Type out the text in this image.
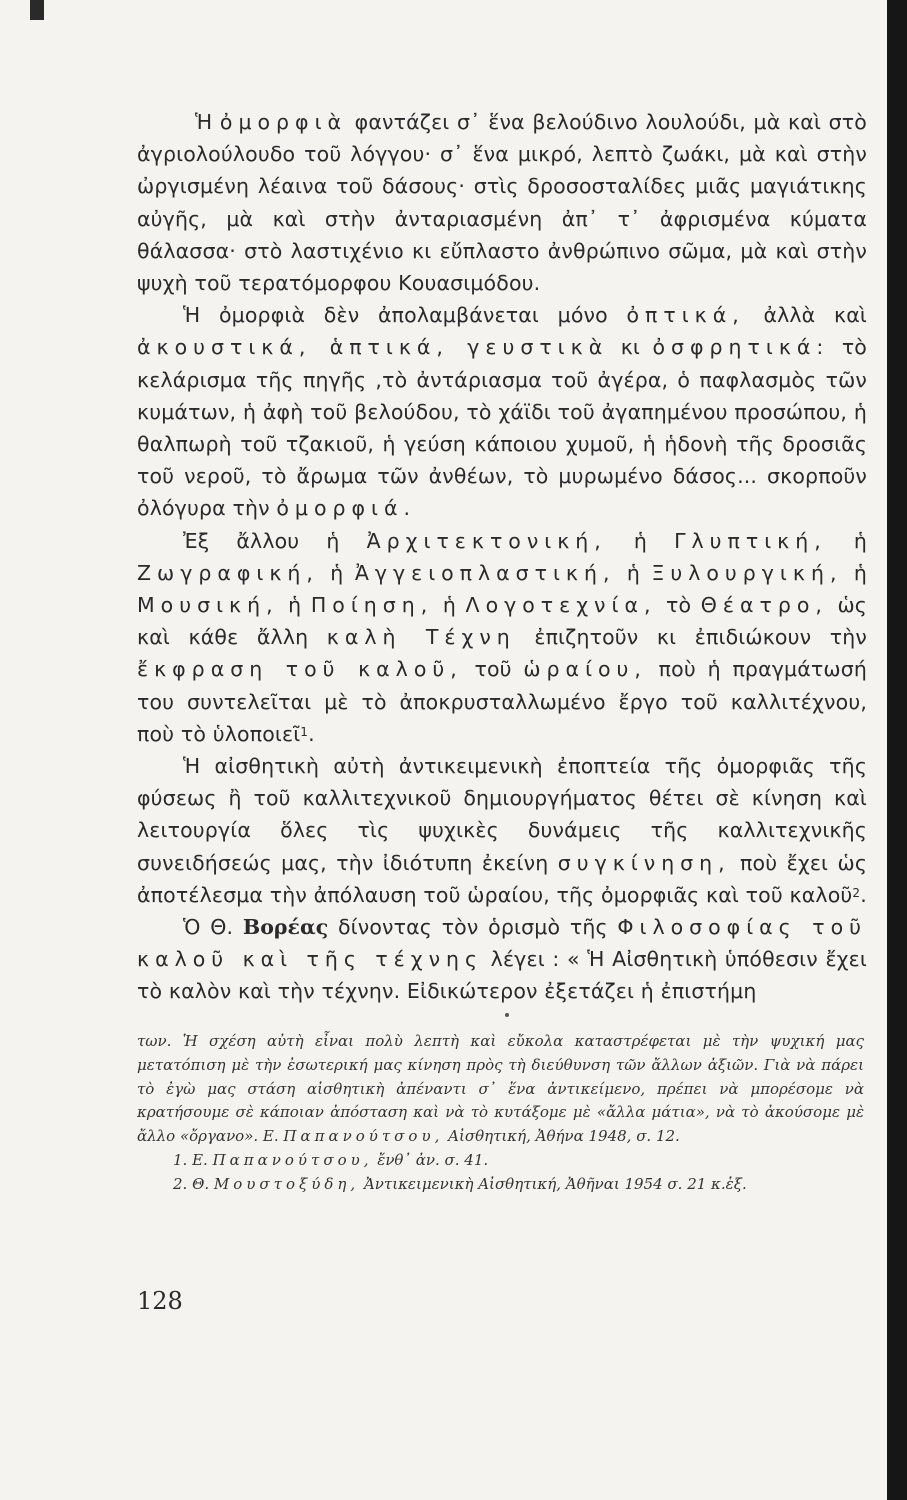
Ἡ ὀμορφιὰ φαντάζει σ᾿ ἕνα βελούδινο λουλούδι, μὰ καὶ στὸ ἀγριολούλουδο τοῦ λόγγου· σ᾿ ἕνα μικρό, λεπτὸ ζωάκι, μὰ καὶ στὴν ὠργισμένη λέαινα τοῦ δάσους· στὶς δροσοσταλίδες μιᾶς μαγιάτικης αὐγῆς, μὰ καὶ στὴν ἀνταριασμένη ἀπ᾿ τ᾿ ἀφρισμένα κύματα θάλασσα· στὸ λαστιχένιο κι εὔπλαστο ἀνθρώπινο σῶμα, μὰ καὶ στὴν ψυχὴ τοῦ τερατόμορφου Κουασιμόδου.

Ἡ ὀμορφιὰ δὲν ἀπολαμβάνεται μόνο ὀπτικά, ἀλλὰ καὶ ἀκουστικά, ἁπτικά, γευστικὰ κι ὀσφρητικά: τὸ κελάρισμα τῆς πηγῆς ,τὸ ἀντάριασμα τοῦ ἀγέρα, ὁ παφλασμὸς τῶν κυμάτων, ἡ ἀφὴ τοῦ βελούδου, τὸ χάϊδι τοῦ ἀγαπημένου προσώπου, ἡ θαλπωρὴ τοῦ τζακιοῦ, ἡ γεύση κάποιου χυμοῦ, ἡ ἡδονὴ τῆς δροσιᾶς τοῦ νεροῦ, τὸ ἄρωμα τῶν ἀνθέων, τὸ μυρωμένο δάσος... σκορποῦν ὀλόγυρα τὴν ὀμορφιά.

Ἐξ ἄλλου ἡ Ἀρχιτεκτονική, ἡ Γλυπτική, ἡ Ζωγραφική, ἡ Ἀγγειοπλαστική, ἡ Ξυλουργική, ἡ Μουσική, ἡ Ποίηση, ἡ Λογοτεχνία, τὸ Θέατρο, ὡς καὶ κάθε ἄλλη καλὴ Τέχνη ἐπιζητοῦν κι ἐπιδιώκουν τὴν ἔκφραση τοῦ καλοῦ, τοῦ ὡραίου, ποὺ ἡ πραγμάτωσή του συντελεῖται μὲ τὸ ἀποκρυσταλλωμένο ἔργο τοῦ καλλιτέχνου, ποὺ τὸ ὑλοποιεῖ$^1$.

Ἡ αἰσθητικὴ αὐτὴ ἀντικειμενικὴ ἐποπτεία τῆς ὀμορφιᾶς τῆς φύσεως ἢ τοῦ καλλιτεχνικοῦ δημιουργήματος θέτει σὲ κίνηση καὶ λειτουργία ὅλες τὶς ψυχικὲς δυνάμεις τῆς καλλιτεχνικῆς συνειδήσεώς μας, τὴν ἰδιότυπη ἐκείνη συγκίνηση, ποὺ ἔχει ὡς ἀποτέλεσμα τὴν ἀπόλαυση τοῦ ὡραίου, τῆς ὀμορφιᾶς καὶ τοῦ καλοῦ$^2$.

Ὁ Θ. Βορέας δίνοντας τὸν ὁρισμὸ τῆς Φιλοσοφίας τοῦ καλοῦ καὶ τῆς τέχνης λέγει : « Ἡ Αἰσθητικὴ ὑπόθεσιν ἔχει τὸ καλὸν καὶ τὴν τέχνην. Εἰδικώτερον ἐξετάζει ἡ ἐπιστήμη

των. Ἡ σχέση αὐτὴ εἶναι πολὺ λεπτὴ καὶ εὔκολα καταστρέφεται μὲ τὴν ψυχική μας μετατόπιση μὲ τὴν ἐσωτερική μας κίνηση πρὸς τὴ διεύθυνση τῶν ἄλλων ἀξιῶν. Γιὰ νὰ πάρει τὸ ἐγὼ μας στάση αἰσθητικὴ ἀπέναντι σ᾿ ἕνα ἀντικείμενο, πρέπει νὰ μπορέσομε νὰ κρατήσουμε σὲ κάποιαν ἀπόσταση καὶ νὰ τὸ κυτάξομε μὲ «ἄλλα μάτια», νὰ τὸ ἀκούσομε μὲ ἄλλο «ὄργανο». Ε. Παπανούτσου, Αἰσθητική, Ἀθήνα 1948, σ. 12.

1. Ε. Παπανούτσου, ἔνθ᾿ ἀν. σ. 41.

2. Θ. Μουστοξύδη, Ἀντικειμενικὴ Αἰσθητική, Ἀθῆναι 1954 σ. 21 κ.ἑξ.

128
